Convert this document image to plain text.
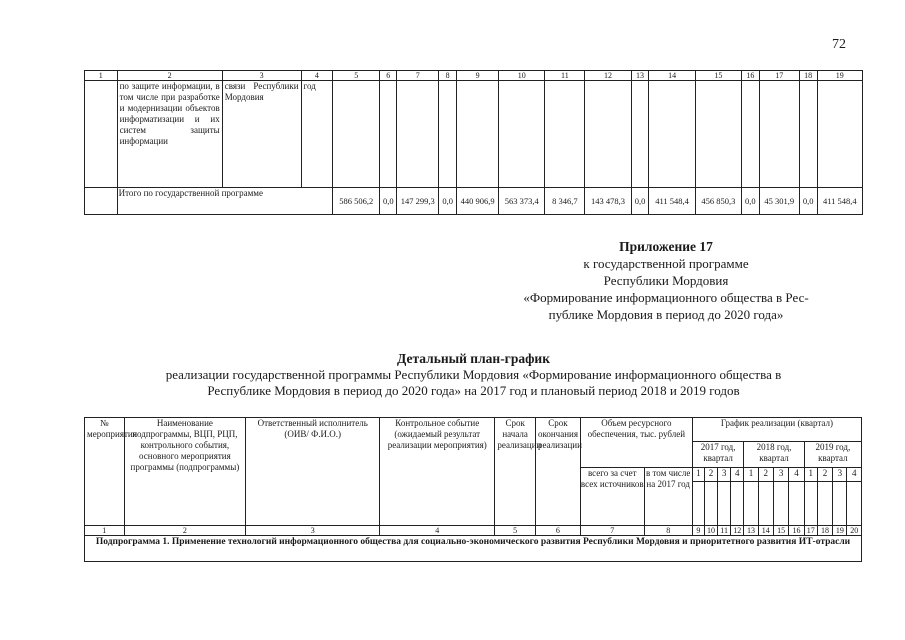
72
1	2	3	4	5	6	7	8	9	10	11	12	13	14	15	16	17	18	19
	по защите информации, в том числе при разработке и модернизации объектов информатизации и их систем защиты информации	связи Республики Мордовия	год															
	Итого по государственной программе			586 506,2	0,0	147 299,3	0,0	440 906,9	563 373,4	8 346,7	143 478,3	0,0	411 548,4	456 850,3	0,0	45 301,9	0,0	411 548,4
Приложение 17
к государственной программе
Республики Мордовия
«Формирование информационного общества в Рес-
публике Мордовия в период до 2020 года»
Детальный план-график
реализации государственной программы Республики Мордовия «Формирование информационного общества в
Республике Мордовия в период до 2020 года» на 2017 год и плановый период 2018 и 2019 годов
№ мероприятия	Наименование подпрограммы, ВЦП, РЦП, контрольного события, основного мероприятия программы (подпрограммы)	Ответственный исполнитель (ОИВ/ Ф.И.О.)	Контрольное событие (ожидаемый результат реализации мероприятия)	Срок начала реализации	Срок окончания реализации	Объем ресурсного обеспечения, тыс. рублей		График реализации (квартал)											
								2017 год, квартал				2018 год, квартал				2019 год, квартал			
						всего за счет всех источников	в том числе на 2017 год	1	2	3	4	1	2	3	4	1	2	3	4

1	2	3	4	5	6	7	8	9	10	11	12	13	14	15	16	17	18	19	20
Подпрограмма 1. Применение технологий информационного общества для социально-экономического развития Республики Мордовия и приоритетного развития ИТ-отрасли																			
